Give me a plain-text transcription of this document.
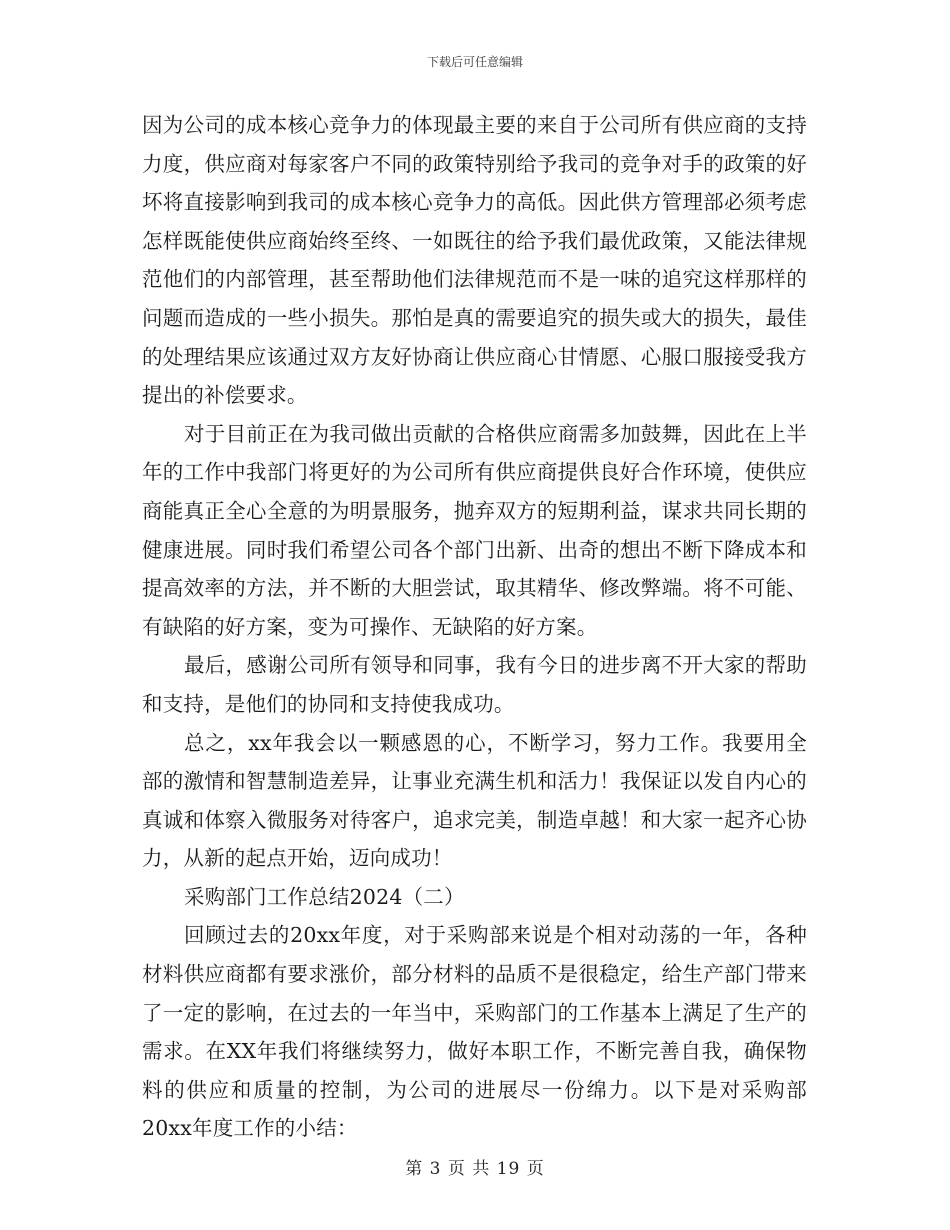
下载后可任意编辑

因为公司的成本核心竞争力的体现最主要的来自于公司所有供应商的支持力度，供应商对每家客户不同的政策特别给予我司的竞争对手的政策的好坏将直接影响到我司的成本核心竞争力的高低。因此供方管理部必须考虑怎样既能使供应商始终至终、一如既往的给予我们最优政策，又能法律规范他们的内部管理，甚至帮助他们法律规范而不是一味的追究这样那样的问题而造成的一些小损失。那怕是真的需要追究的损失或大的损失，最佳的处理结果应该通过双方友好协商让供应商心甘情愿、心服口服接受我方提出的补偿要求。

对于目前正在为我司做出贡献的合格供应商需多加鼓舞，因此在上半年的工作中我部门将更好的为公司所有供应商提供良好合作环境，使供应商能真正全心全意的为明景服务，抛弃双方的短期利益，谋求共同长期的健康进展。同时我们希望公司各个部门出新、出奇的想出不断下降成本和提高效率的方法，并不断的大胆尝试，取其精华、修改弊端。将不可能、有缺陷的好方案，变为可操作、无缺陷的好方案。

最后，感谢公司所有领导和同事，我有今日的进步离不开大家的帮助和支持，是他们的协同和支持使我成功。

总之，xx年我会以一颗感恩的心，不断学习，努力工作。我要用全部的激情和智慧制造差异，让事业充满生机和活力！我保证以发自内心的真诚和体察入微服务对待客户，追求完美，制造卓越！和大家一起齐心协力，从新的起点开始，迈向成功！

采购部门工作总结2024（二）

回顾过去的20xx年度，对于采购部来说是个相对动荡的一年，各种材料供应商都有要求涨价，部分材料的品质不是很稳定，给生产部门带来了一定的影响，在过去的一年当中，采购部门的工作基本上满足了生产的需求。在XX年我们将继续努力，做好本职工作，不断完善自我，确保物料的供应和质量的控制，为公司的进展尽一份绵力。以下是对采购部20xx年度工作的小结：

第 3 页 共 19 页
